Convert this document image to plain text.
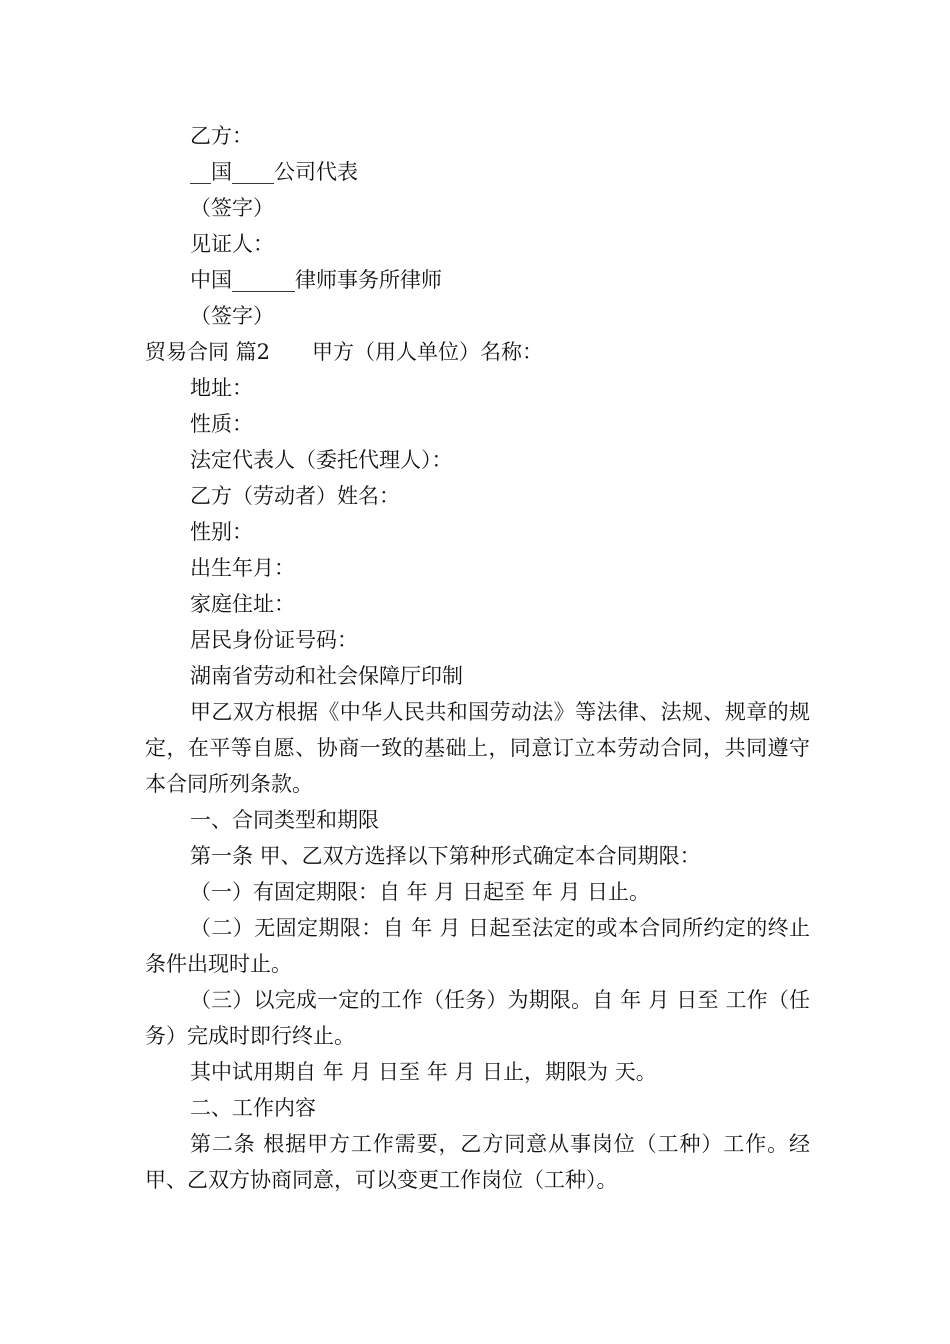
乙方：
__国____公司代表
（签字）
见证人：
中国______律师事务所律师
（签字）
贸易合同 篇2 甲方（用人单位）名称：
地址：
性质：
法定代表人（委托代理人）：
乙方（劳动者）姓名：
性别：
出生年月：
家庭住址：
居民身份证号码：
湖南省劳动和社会保障厅印制
甲乙双方根据《中华人民共和国劳动法》等法律、法规、规章的规定，在平等自愿、协商一致的基础上，同意订立本劳动合同，共同遵守本合同所列条款。
一、合同类型和期限
第一条 甲、乙双方选择以下第种形式确定本合同期限：
（一）有固定期限：自 年 月 日起至 年 月 日止。
（二）无固定期限：自 年 月 日起至法定的或本合同所约定的终止条件出现时止。
（三）以完成一定的工作（任务）为期限。自 年 月 日至 工作（任务）完成时即行终止。
其中试用期自 年 月 日至 年 月 日止，期限为 天。
二、工作内容
第二条 根据甲方工作需要，乙方同意从事岗位（工种）工作。经甲、乙双方协商同意，可以变更工作岗位（工种）。
